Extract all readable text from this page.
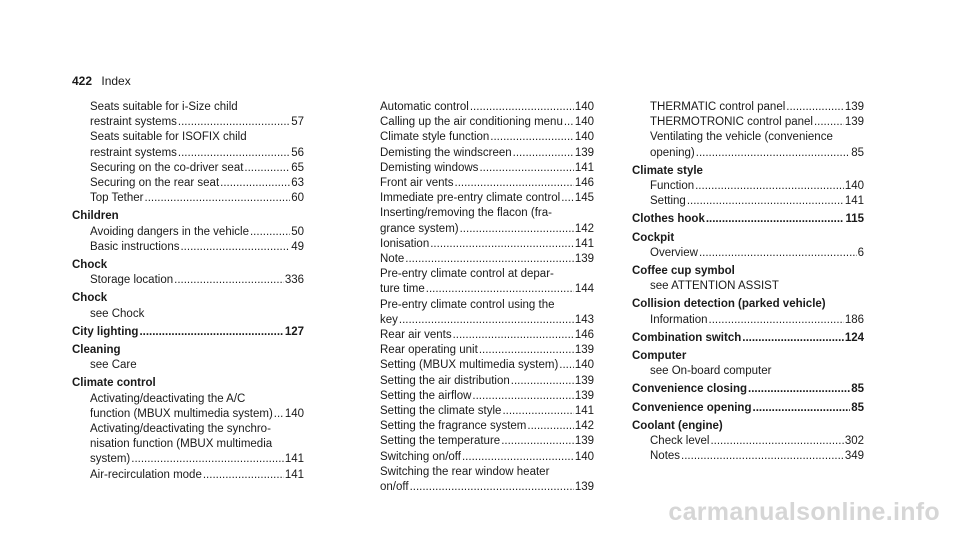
422 Index
Seats suitable for i-Size child
restraint systems .....	57
Seats suitable for ISOFIX child
restraint systems .....	56
Securing on the co-driver seat .....	65
Securing on the rear seat .....	63
Top Tether .....	60
Children
Avoiding dangers in the vehicle .....	50
Basic instructions .....	49
Chock
Storage location .....	336
Chock
see Chock
City lighting .....	127
Cleaning
see Care
Climate control
Activating/deactivating the A/C
function (MBUX multimedia system) ..... 140
Activating/deactivating the synchro-
nisation function (MBUX multimedia
system) .....	141
Air-recirculation mode .....	141
Automatic control .....	140
Calling up the air conditioning menu ..... 140
Climate style function .....	140
Demisting the windscreen .....	139
Demisting windows .....	141
Front air vents .....	146
Immediate pre-entry climate control ..... 145
Inserting/removing the flacon (fra-
grance system) .....	142
Ionisation .....	141
Note .....	139
Pre-entry climate control at depar-
ture time .....	144
Pre-entry climate control using the
key .....	143
Rear air vents .....	146
Rear operating unit .....	139
Setting (MBUX multimedia system) ..... 140
Setting the air distribution .....	139
Setting the airflow .....	139
Setting the climate style .....	141
Setting the fragrance system .....	142
Setting the temperature .....	139
Switching on/off .....	140
Switching the rear window heater
on/off .....	139
THERMATIC control panel .....	139
THERMOTRONIC control panel .....	139
Ventilating the vehicle (convenience
opening) .....	85
Climate style
Function .....	140
Setting .....	141
Clothes hook .....	115
Cockpit
Overview .....	6
Coffee cup symbol
see ATTENTION ASSIST
Collision detection (parked vehicle)
Information .....	186
Combination switch .....	124
Computer
see On-board computer
Convenience closing .....	85
Convenience opening .....	85
Coolant (engine)
Check level .....	302
Notes .....	349
carmanualsonline.info
